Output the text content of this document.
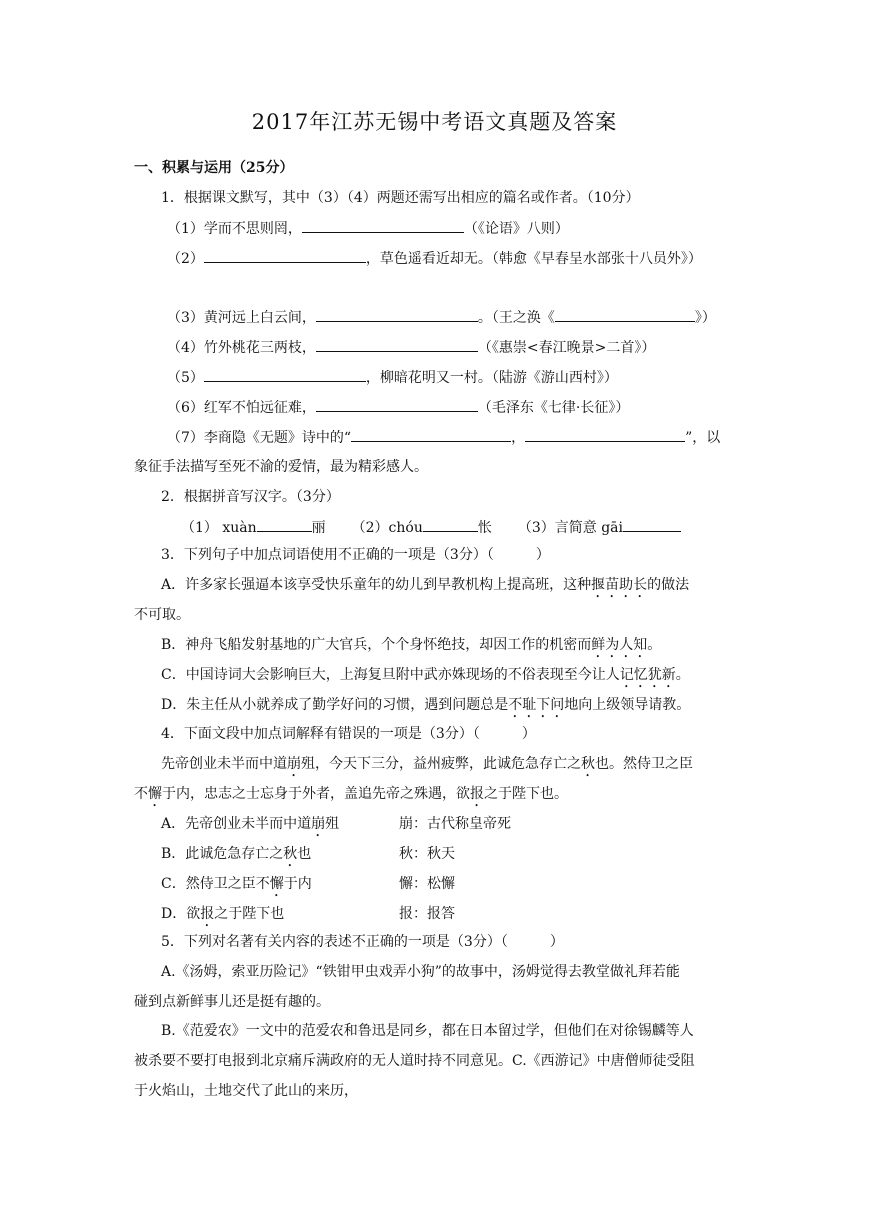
2017年江苏无锡中考语文真题及答案
一、积累与运用（25分）
1．根据课文默写，其中（3）（4）两题还需写出相应的篇名或作者。（10分）
（1）学而不思则罔，	（《论语》八则）
（2）	，草色遥看近却无。（韩愈《早春呈水部张十八员外》）
（3）黄河远上白云间，	。（王之涣《	》）
（4）竹外桃花三两枝，	（《惠崇<春江晚景>二首》）
（5）	，柳暗花明又一村。（陆游《游山西村》）
（6）红军不怕远征难，	（毛泽东《七律·长征》）
（7）李商隐《无题》诗中的“	，	”，以
象征手法描写至死不渝的爱情，最为精彩感人。
2．根据拼音写汉字。（3分）
（1） xuàn	丽 （2）chóu	怅 （3）言简意 gāi
3．下列句子中加点词语使用不正确的一项是（3分）（　　　）
A．许多家长强逼本该享受快乐童年的幼儿到早教机构上提高班，这种揠苗助长的做法
不可取。
B．神舟飞船发射基地的广大官兵，个个身怀绝技，却因工作的机密而鲜为人知。
C．中国诗词大会影响巨大，上海复旦附中武亦姝现场的不俗表现至今让人记忆犹新。
D．朱主任从小就养成了勤学好问的习惯，遇到问题总是不耻下问地向上级领导请教。
4．下面文段中加点词解释有错误的一项是（3分）（　　　）
先帝创业未半而中道崩殂，今天下三分，益州疲弊，此诚危急存亡之秋也。然侍卫之臣
不懈于内，忠志之士忘身于外者，盖追先帝之殊遇，欲报之于陛下也。
A．先帝创业未半而中道崩殂	崩：古代称皇帝死
B．此诚危急存亡之秋也	秋：秋天
C．然侍卫之臣不懈于内	懈：松懈
D．欲报之于陛下也	报：报答
5．下列对名著有关内容的表述不正确的一项是（3分）（　　　）
A.《汤姆，索亚历险记》“铁钳甲虫戏弄小狗”的故事中，汤姆觉得去教堂做礼拜若能
碰到点新鲜事儿还是挺有趣的。
B.《范爱农》一文中的范爱农和鲁迅是同乡，都在日本留过学，但他们在对徐锡麟等人
被杀要不要打电报到北京痛斥满政府的无人道时持不同意见。C.《西游记》中唐僧师徒受阻
于火焰山，土地交代了此山的来历，
